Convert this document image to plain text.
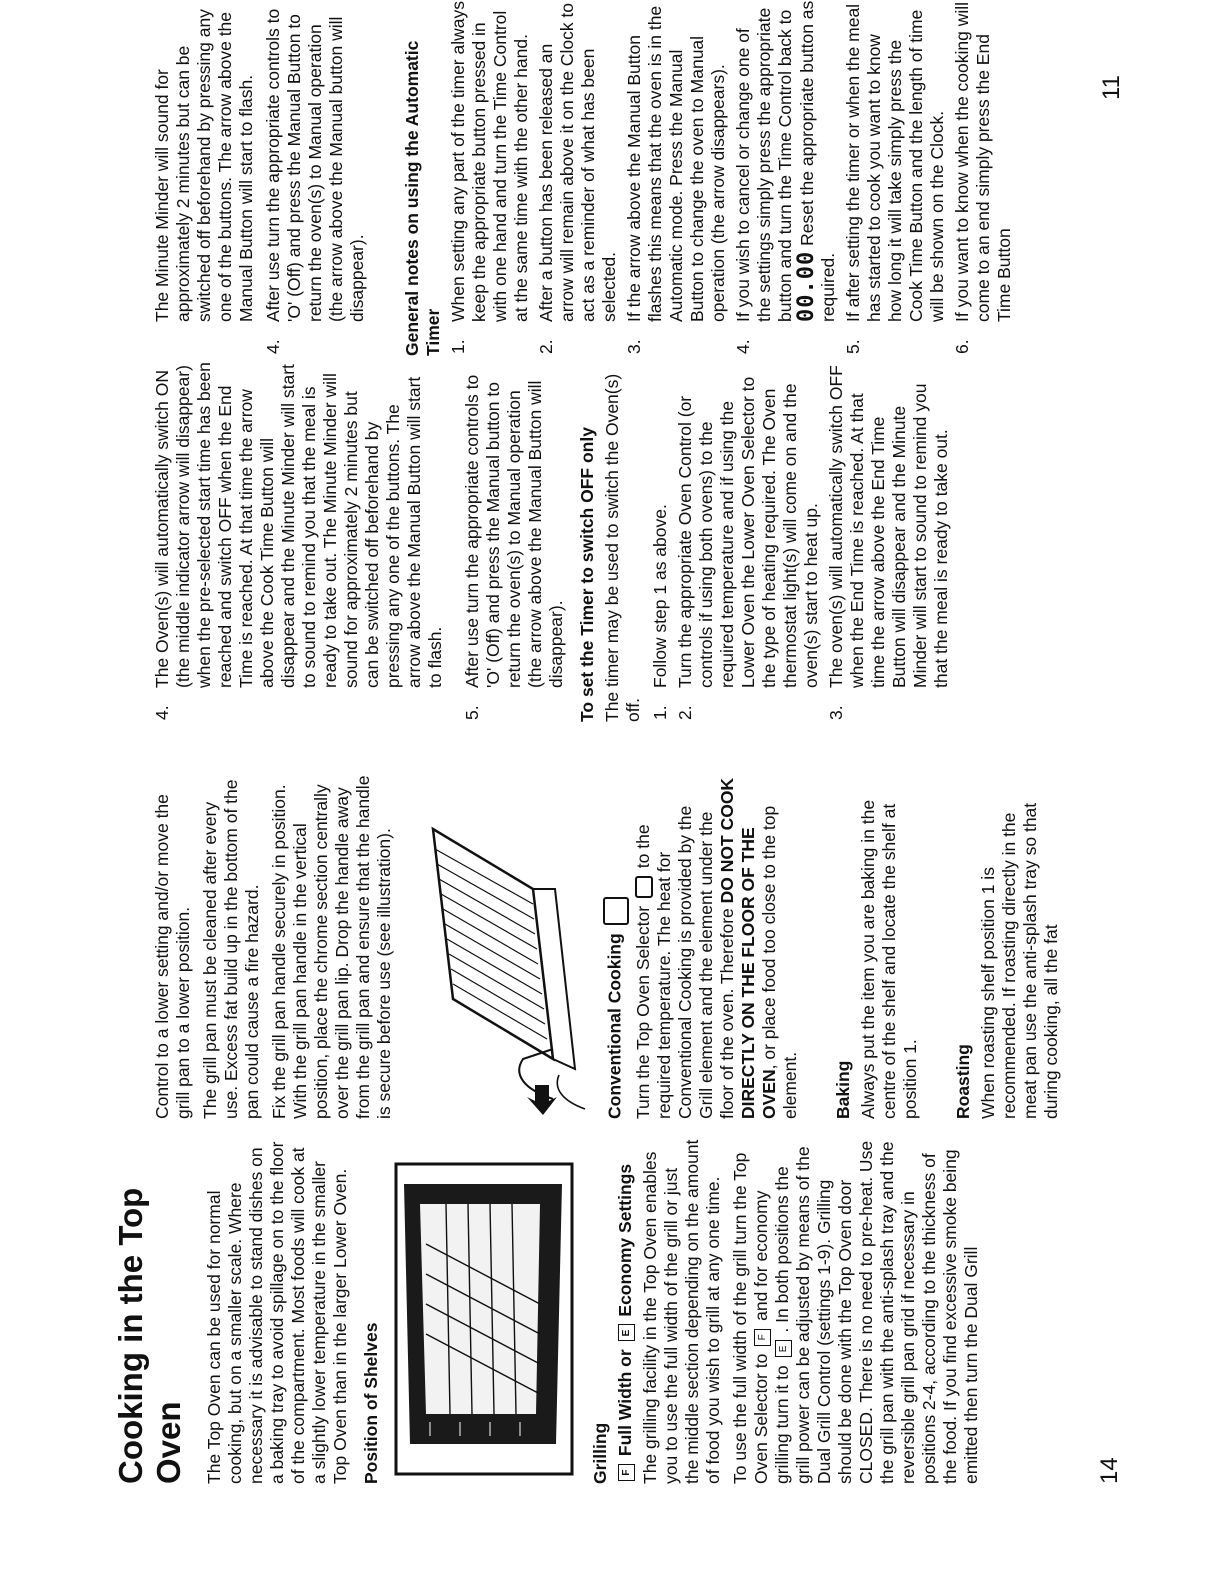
14
Cooking in the Top Oven The Top Oven can be used for normal cooking, but on a smaller scale. Where necessary it is advisable to stand dishes on a baking tray to avoid spillage on to the floor of the compartment. Most foods will cook at a slightly lower temperature in the smaller Top Oven than in the larger Lower Oven. Position of Shelves	Grilling	F Full Width or E Economy Settings The grilling facility in the Top Oven enables you to use the full width of the grill or just the middle section depending on the amount of food you wish to grill at any one time. To use the full width of the grill turn the Top Oven Selector to F and for economy grilling turn it to E . In both positions the grill power can be adjusted by means of the Dual Grill Control (settings 1-9). Grilling should be done with the Top Oven door CLOSED. There is no need to pre-heat. Use the grill pan with the anti-splash tray and the reversible grill pan grid if necessary in positions 2-4, according to the thickness of the food. If you find excessive smoke being emitted then turn the Dual Grill

Control to a lower setting and/or move the grill pan to a lower position. The grill pan must be cleaned after every use. Excess fat build up in the bottom of the pan could cause a fire hazard. Fix the grill pan handle securely in position. With the grill pan handle in the vertical position, place the chrome section centrally over the grill pan lip. Drop the handle away from the grill pan and ensure that the handle is secure before use (see illustration).	Conventional Cooking Turn the Top Oven Selector  to the required temperature. The heat for Conventional Cooking is provided by the Grill element and the element under the floor of the oven. Therefore DO NOT COOK DIRECTLY ON THE FLOOR OF THE OVEN, or place food too close to the top element. Baking Always put the item you are baking in the centre of the shelf and locate the shelf at position 1. Roasting When roasting shelf position 1 is recommended. If roasting directly in the meat pan use the anti-splash tray so that during cooking, all the fat

11
4.
The Oven(s) will automatically switch ON (the middle indicator arrow will disappear) when the pre-selected start time has been reached and switch OFF when the End Time is reached. At that time the arrow above the Cook Time Button will disappear and the Minute Minder will start to sound to remind you that the meal is ready to take out. The Minute Minder will sound for approximately 2 minutes but can be switched off beforehand by pressing any one of the buttons. The arrow above the Manual Button will start to flash.
5.
After use turn the appropriate controls to 'O' (Off) and press the Manual button to return the oven(s) to Manual operation (the arrow above the Manual Button will disappear). To set the Timer to switch OFF only The timer may be used to switch the Oven(s) off. 1.
Follow step 1 as above.
2.
Turn the appropriate Oven Control (or controls if using both ovens) to the required temperature and if using the Lower Oven the Lower Oven Selector to the type of heating required. The Oven thermostat light(s) will come on and the oven(s) start to heat up.
3.
The oven(s) will automatically switch OFF when the End Time is reached. At that time the arrow above the End Time Button will disappear and the Minute Minder will start to sound to remind you that the meal is ready to take out.

The Minute Minder will sound for approximately 2 minutes but can be switched off beforehand by pressing any one of the buttons. The arrow above the Manual Button will start to flash.

4.
After use turn the appropriate controls to 'O' (Off) and press the Manual Button to return the oven(s) to Manual operation (the arrow above the Manual button will disappear). General notes on using the Automatic Timer 1.
When setting any part of the timer always keep the appropriate button pressed in with one hand and turn the Time Control at the same time with the other hand.
2.
After a button has been released an arrow will remain above it on the Clock to act as a reminder of what has been selected.
3.
If the arrow above the Manual Button flashes this means that the oven is in the Automatic mode. Press the Manual Button to change the oven to Manual operation (the arrow disappears).
4.
If you wish to cancel or change one of the settings simply press the appropriate button and turn the Time Control back to 00.00 Reset the appropriate button as required.
5.
If after setting the timer or when the meal has started to cook you want to know how long it will take simply press the Cook Time Button and the length of time will be shown on the Clock.
6.
If you want to know when the cooking will come to an end simply press the End Time Button
